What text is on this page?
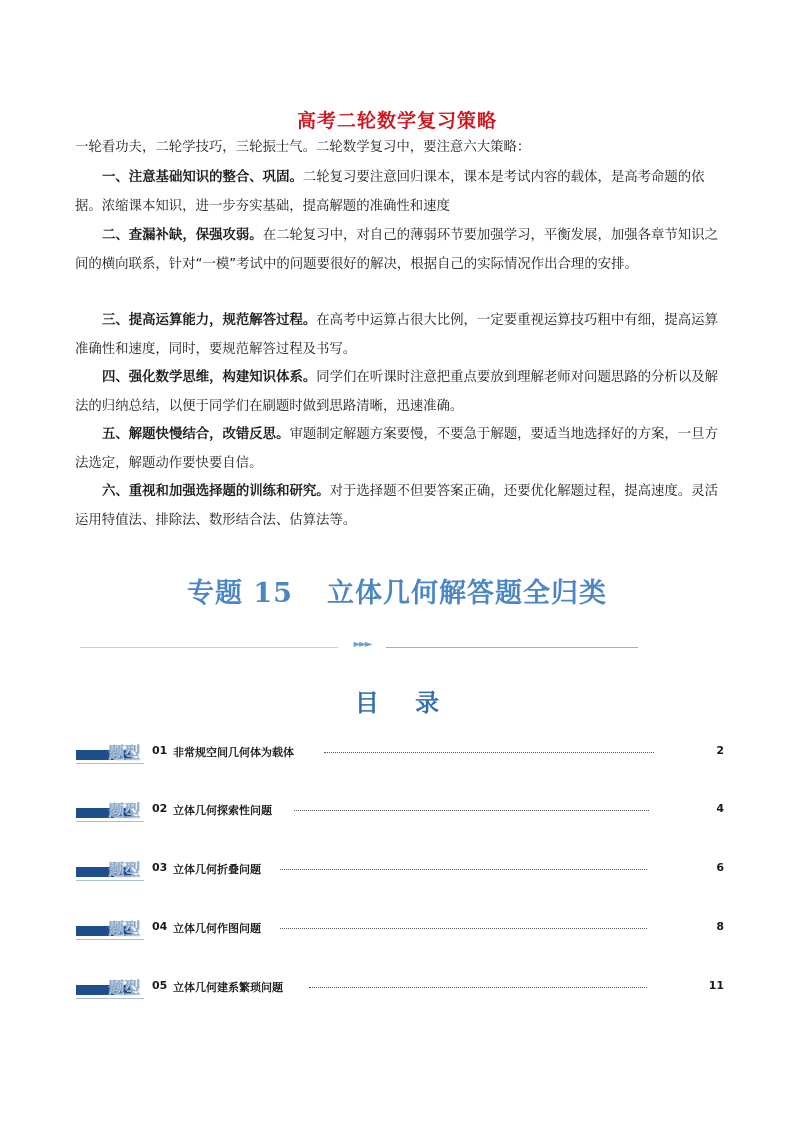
高考二轮数学复习策略
一轮看功夫，二轮学技巧，三轮振士气。二轮数学复习中，要注意六大策略：
一、注意基础知识的整合、巩固。二轮复习要注意回归课本，课本是考试内容的载体，是高考命题的依据。浓缩课本知识，进一步夯实基础，提高解题的准确性和速度
二、查漏补缺，保强攻弱。在二轮复习中，对自己的薄弱环节要加强学习，平衡发展，加强各章节知识之间的横向联系，针对“一模”考试中的问题要很好的解决，根据自己的实际情况作出合理的安排。
三、提高运算能力，规范解答过程。在高考中运算占很大比例，一定要重视运算技巧粗中有细，提高运算准确性和速度，同时，要规范解答过程及书写。
四、强化数学思维，构建知识体系。同学们在听课时注意把重点要放到理解老师对问题思路的分析以及解法的归纳总结，以便于同学们在刷题时做到思路清晰，迅速准确。
五、解题快慢结合，改错反思。审题制定解题方案要慢，不要急于解题，要适当地选择好的方案，一旦方法选定，解题动作要快要自信。
六、重视和加强选择题的训练和研究。对于选择题不但要答案正确，还要优化解题过程，提高速度。灵活运用特值法、排除法、数形结合法、估算法等。
专题 15 立体几何解答题全归类
►►►
目 录
题型 01 非常规空间几何体为载体	2
题型 02 立体几何探索性问题	4
题型 03 立体几何折叠问题	6
题型 04 立体几何作图问题	8
题型 05 立体几何建系繁琐问题	11
